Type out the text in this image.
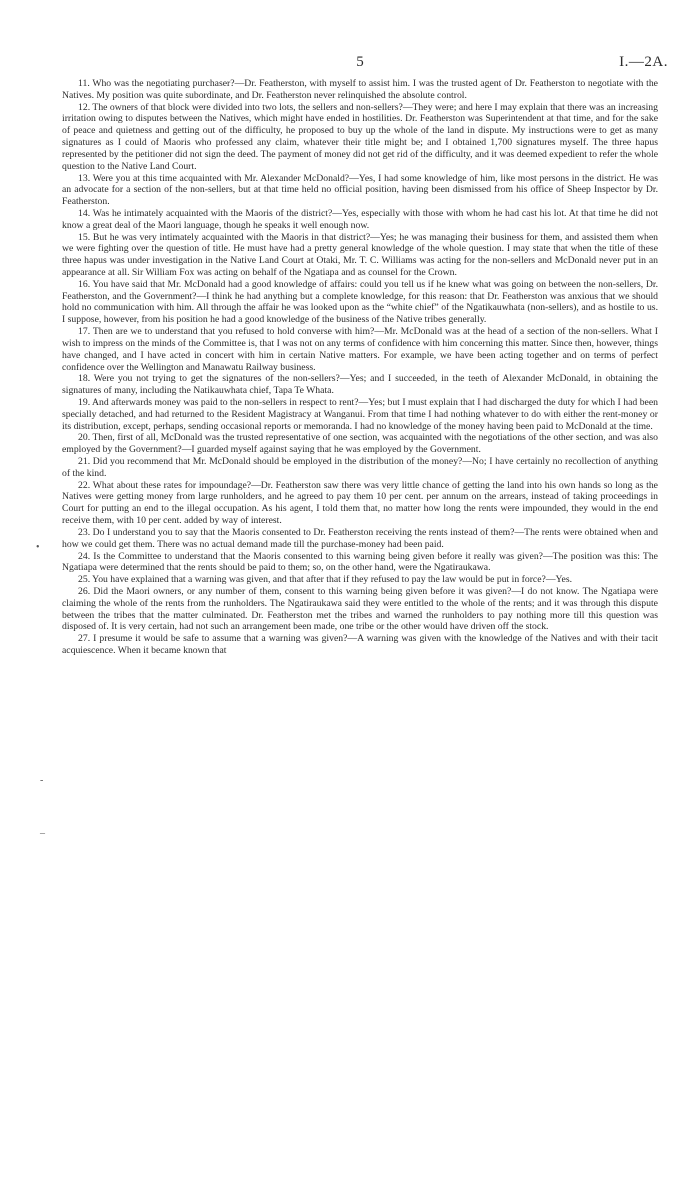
5	I.—2A.

11. Who was the negotiating purchaser?—Dr. Featherston, with myself to assist him. I was the trusted agent of Dr. Featherston to negotiate with the Natives. My position was quite subordinate, and Dr. Featherston never relinquished the absolute control.

12. The owners of that block were divided into two lots, the sellers and non-sellers?—They were; and here I may explain that there was an increasing irritation owing to disputes between the Natives, which might have ended in hostilities. Dr. Featherston was Superintendent at that time, and for the sake of peace and quietness and getting out of the difficulty, he proposed to buy up the whole of the land in dispute. My instructions were to get as many signatures as I could of Maoris who professed any claim, whatever their title might be; and I obtained 1,700 signatures myself. The three hapus represented by the petitioner did not sign the deed. The payment of money did not get rid of the difficulty, and it was deemed expedient to refer the whole question to the Native Land Court.

13. Were you at this time acquainted with Mr. Alexander McDonald?—Yes, I had some knowledge of him, like most persons in the district. He was an advocate for a section of the non-sellers, but at that time held no official position, having been dismissed from his office of Sheep Inspector by Dr. Featherston.

14. Was he intimately acquainted with the Maoris of the district?—Yes, especially with those with whom he had cast his lot. At that time he did not know a great deal of the Maori language, though he speaks it well enough now.

15. But he was very intimately acquainted with the Maoris in that district?—Yes; he was managing their business for them, and assisted them when we were fighting over the question of title. He must have had a pretty general knowledge of the whole question. I may state that when the title of these three hapus was under investigation in the Native Land Court at Otaki, Mr. T. C. Williams was acting for the non-sellers and McDonald never put in an appearance at all. Sir William Fox was acting on behalf of the Ngatiapa and as counsel for the Crown.

16. You have said that Mr. McDonald had a good knowledge of affairs: could you tell us if he knew what was going on between the non-sellers, Dr. Featherston, and the Government?—I think he had anything but a complete knowledge, for this reason: that Dr. Featherston was anxious that we should hold no communication with him. All through the affair he was looked upon as the “white chief” of the Ngatikauwhata (non-sellers), and as hostile to us. I suppose, however, from his position he had a good knowledge of the business of the Native tribes generally.

17. Then are we to understand that you refused to hold converse with him?—Mr. McDonald was at the head of a section of the non-sellers. What I wish to impress on the minds of the Committee is, that I was not on any terms of confidence with him concerning this matter. Since then, however, things have changed, and I have acted in concert with him in certain Native matters. For example, we have been acting together and on terms of perfect confidence over the Wellington and Manawatu Railway business.

18. Were you not trying to get the signatures of the non-sellers?—Yes; and I succeeded, in the teeth of Alexander McDonald, in obtaining the signatures of many, including the Natikauwhata chief, Tapa Te Whata.

19. And afterwards money was paid to the non-sellers in respect to rent?—Yes; but I must explain that I had discharged the duty for which I had been specially detached, and had returned to the Resident Magistracy at Wanganui. From that time I had nothing whatever to do with either the rent-money or its distribution, except, perhaps, sending occasional reports or memoranda. I had no knowledge of the money having been paid to McDonald at the time.

20. Then, first of all, McDonald was the trusted representative of one section, was acquainted with the negotiations of the other section, and was also employed by the Government?—I guarded myself against saying that he was employed by the Government.

21. Did you recommend that Mr. McDonald should be employed in the distribution of the money?—No; I have certainly no recollection of anything of the kind.

22. What about these rates for impoundage?—Dr. Featherston saw there was very little chance of getting the land into his own hands so long as the Natives were getting money from large runholders, and he agreed to pay them 10 per cent. per annum on the arrears, instead of taking proceedings in Court for putting an end to the illegal occupation. As his agent, I told them that, no matter how long the rents were impounded, they would in the end receive them, with 10 per cent. added by way of interest.

23. Do I understand you to say that the Maoris consented to Dr. Featherston receiving the rents instead of them?—The rents were obtained when and how we could get them. There was no actual demand made till the purchase-money had been paid.

24. Is the Committee to understand that the Maoris consented to this warning being given before it really was given?—The position was this: The Ngatiapa were determined that the rents should be paid to them; so, on the other hand, were the Ngatiraukawa.

25. You have explained that a warning was given, and that after that if they refused to pay the law would be put in force?—Yes.

26. Did the Maori owners, or any number of them, consent to this warning being given before it was given?—I do not know. The Ngatiapa were claiming the whole of the rents from the runholders. The Ngatiraukawa said they were entitled to the whole of the rents; and it was through this dispute between the tribes that the matter culminated. Dr. Featherston met the tribes and warned the runholders to pay nothing more till this question was disposed of. It is very certain, had not such an arrangement been made, one tribe or the other would have driven off the stock.

27. I presume it would be safe to assume that a warning was given?—A warning was given with the knowledge of the Natives and with their tacit acquiescence. When it became known that

•
-
–
